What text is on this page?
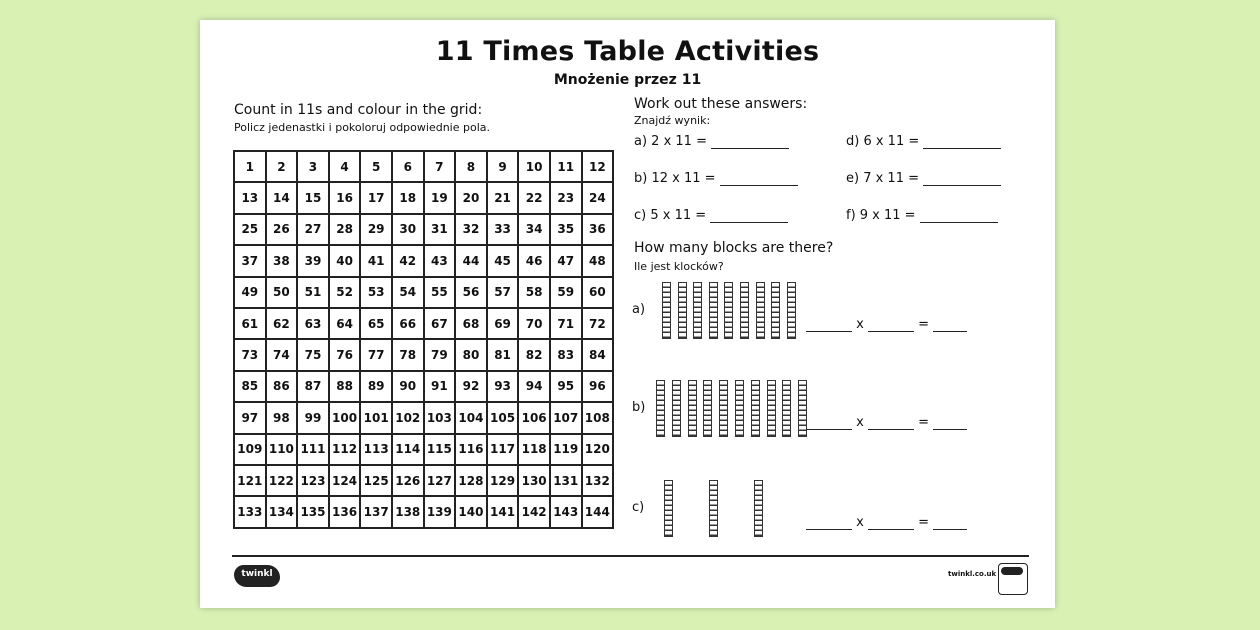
11 Times Table Activities
Mnożenie przez 11
Count in 11s and colour in the grid:
Policz jedenastki i pokoloruj odpowiednie pola.
1	2	3	4	5	6	7	8	9	10	11	12
13	14	15	16	17	18	19	20	21	22	23	24
25	26	27	28	29	30	31	32	33	34	35	36
37	38	39	40	41	42	43	44	45	46	47	48
49	50	51	52	53	54	55	56	57	58	59	60
61	62	63	64	65	66	67	68	69	70	71	72
73	74	75	76	77	78	79	80	81	82	83	84
85	86	87	88	89	90	91	92	93	94	95	96
97	98	99	100	101	102	103	104	105	106	107	108
109	110	111	112	113	114	115	116	117	118	119	120
121	122	123	124	125	126	127	128	129	130	131	132
133	134	135	136	137	138	139	140	141	142	143	144
Work out these answers:
Znajdź wynik:
a) 2 x 11 =
b) 12 x 11 =
c) 5 x 11 =
d) 6 x 11 =
e) 7 x 11 =
f) 9 x 11 =
How many blocks are there?
Ile jest klocków?
a)
x	=
b)
x	=
c)
x	=
twinkl	twinkl.co.uk
